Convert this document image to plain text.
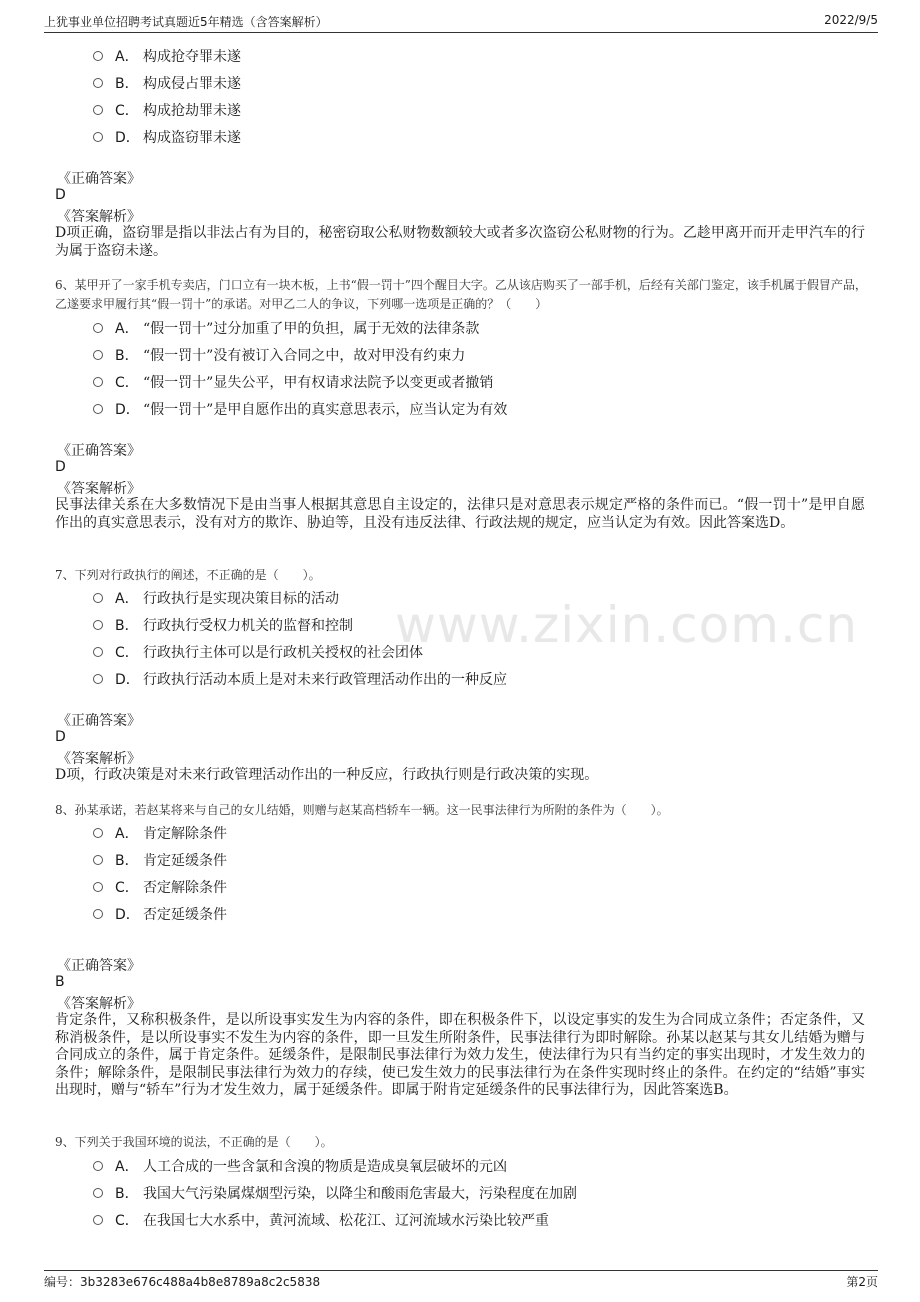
上犹事业单位招聘考试真题近5年精选（含答案解析）	2022/9/5
www.zixin.com.cn
A． 构成抢夺罪未遂
B． 构成侵占罪未遂
C． 构成抢劫罪未遂
D． 构成盗窃罪未遂
《正确答案》
D
《答案解析》
D项正确，盗窃罪是指以非法占有为目的，秘密窃取公私财物数额较大或者多次盗窃公私财物的行为。乙趁甲离开而开走甲汽车的行为属于盗窃未遂。
6、某甲开了一家手机专卖店，门口立有一块木板，上书“假一罚十”四个醒目大字。乙从该店购买了一部手机，后经有关部门鉴定，该手机属于假冒产品，乙遂要求甲履行其“假一罚十”的承诺。对甲乙二人的争议，下列哪一选项是正确的？（　　）
A． “假一罚十”过分加重了甲的负担，属于无效的法律条款
B． “假一罚十”没有被订入合同之中，故对甲没有约束力
C． “假一罚十”显失公平，甲有权请求法院予以变更或者撤销
D． “假一罚十”是甲自愿作出的真实意思表示，应当认定为有效
《正确答案》
D
《答案解析》
民事法律关系在大多数情况下是由当事人根据其意思自主设定的，法律只是对意思表示规定严格的条件而已。“假一罚十”是甲自愿作出的真实意思表示，没有对方的欺诈、胁迫等，且没有违反法律、行政法规的规定，应当认定为有效。因此答案选D。
7、下列对行政执行的阐述，不正确的是（　　）。
A． 行政执行是实现决策目标的活动
B． 行政执行受权力机关的监督和控制
C． 行政执行主体可以是行政机关授权的社会团体
D． 行政执行活动本质上是对未来行政管理活动作出的一种反应
《正确答案》
D
《答案解析》
D项，行政决策是对未来行政管理活动作出的一种反应，行政执行则是行政决策的实现。
8、孙某承诺，若赵某将来与自己的女儿结婚，则赠与赵某高档轿车一辆。这一民事法律行为所附的条件为（　　）。
A． 肯定解除条件
B． 肯定延缓条件
C． 否定解除条件
D． 否定延缓条件
《正确答案》
B
《答案解析》
肯定条件，又称积极条件，是以所设事实发生为内容的条件，即在积极条件下，以设定事实的发生为合同成立条件；否定条件，又称消极条件，是以所设事实不发生为内容的条件，即一旦发生所附条件，民事法律行为即时解除。孙某以赵某与其女儿结婚为赠与合同成立的条件，属于肯定条件。延缓条件，是限制民事法律行为效力发生，使法律行为只有当约定的事实出现时，才发生效力的条件；解除条件，是限制民事法律行为效力的存续，使已发生效力的民事法律行为在条件实现时终止的条件。在约定的“结婚”事实出现时，赠与“轿车”行为才发生效力，属于延缓条件。即属于附肯定延缓条件的民事法律行为，因此答案选B。
9、下列关于我国环境的说法，不正确的是（　　）。
A． 人工合成的一些含氯和含溴的物质是造成臭氧层破坏的元凶
B． 我国大气污染属煤烟型污染，以降尘和酸雨危害最大，污染程度在加剧
C． 在我国七大水系中，黄河流域、松花江、辽河流域水污染比较严重
编号：3b3283e676c488a4b8e8789a8c2c5838	第2页
